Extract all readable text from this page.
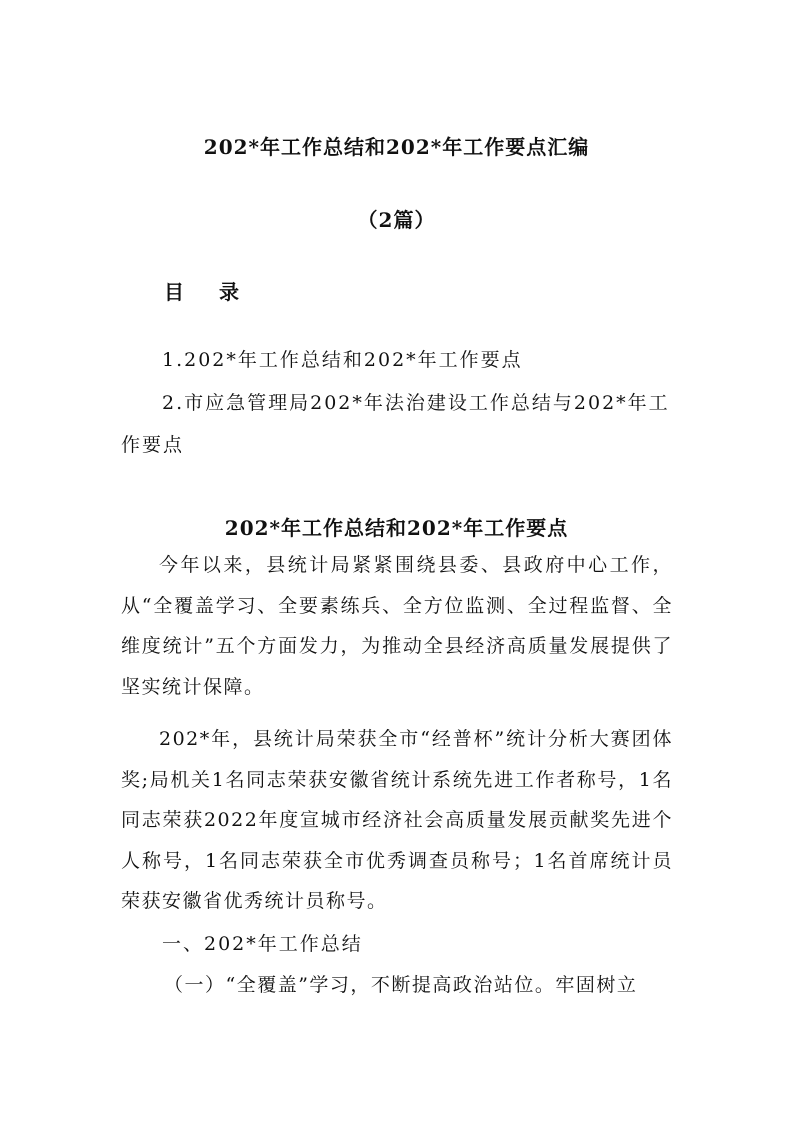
202*年工作总结和202*年工作要点汇编
（2篇）
目 录
1.202*年工作总结和202*年工作要点
2.市应急管理局202*年法治建设工作总结与202*年工
作要点
202*年工作总结和202*年工作要点
今年以来，县统计局紧紧围绕县委、县政府中心工作，从“全覆盖学习、全要素练兵、全方位监测、全过程监督、全维度统计”五个方面发力，为推动全县经济高质量发展提供了坚实统计保障。
202*年，县统计局荣获全市“经普杯”统计分析大赛团体奖;局机关1名同志荣获安徽省统计系统先进工作者称号，1名同志荣获2022年度宣城市经济社会高质量发展贡献奖先进个人称号，1名同志荣获全市优秀调查员称号；1名首席统计员荣获安徽省优秀统计员称号。
一、202*年工作总结
（一）“全覆盖”学习，不断提高政治站位。牢固树立
